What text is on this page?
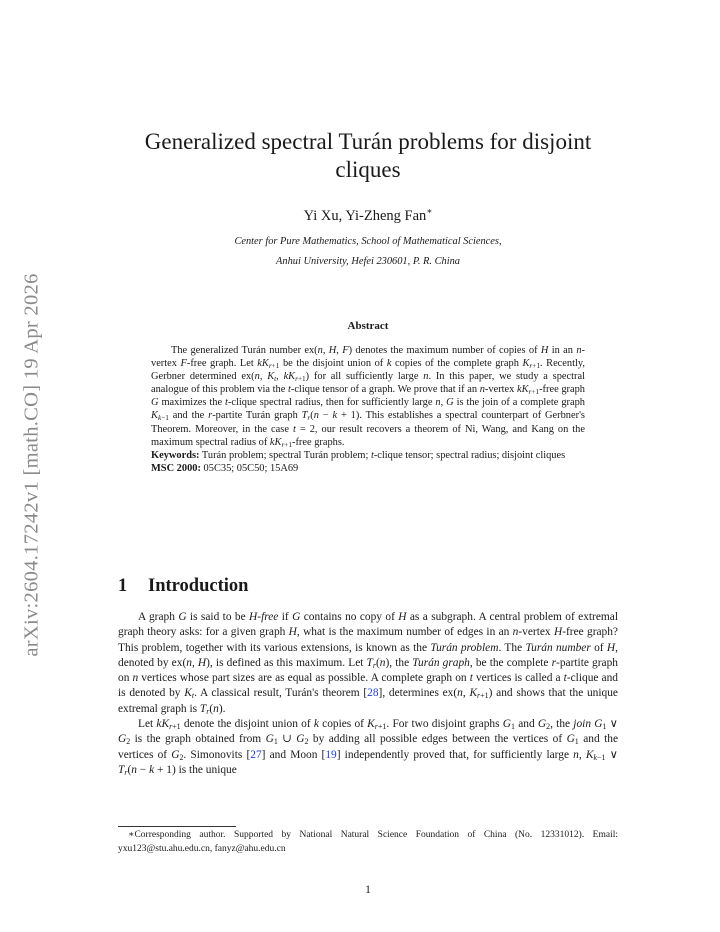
arXiv:2604.17242v1 [math.CO] 19 Apr 2026
Generalized spectral Turán problems for disjoint cliques
Yi Xu, Yi-Zheng Fan∗
Center for Pure Mathematics, School of Mathematical Sciences,
Anhui University, Hefei 230601, P. R. China
Abstract

The generalized Turán number ex(n, H, F) denotes the maximum number of copies of H in an n-vertex F-free graph. Let $kK_{r+1}$ be the disjoint union of k copies of the complete graph $K_{r+1}$. Recently, Gerbner determined ex(n, $K_t$, $kK_{r+1}$) for all sufficiently large n. In this paper, we study a spectral analogue of this problem via the t-clique tensor of a graph. We prove that if an n-vertex $kK_{r+1}$-free graph G maximizes the t-clique spectral radius, then for sufficiently large n, G is the join of a complete graph $K_{k-1}$ and the r-partite Turán graph $T_r(n - k + 1)$. This establishes a spectral counterpart of Gerbner's Theorem. Moreover, in the case t = 2, our result recovers a theorem of Ni, Wang, and Kang on the maximum spectral radius of $kK_{r+1}$-free graphs.

Keywords: Turán problem; spectral Turán problem; t-clique tensor; spectral radius; disjoint cliques

MSC 2000: 05C35; 05C50; 15A69

1 Introduction

A graph G is said to be H-free if G contains no copy of H as a subgraph. A central problem of extremal graph theory asks: for a given graph H, what is the maximum number of edges in an n-vertex H-free graph? This problem, together with its various extensions, is known as the Turán problem. The Turán number of H, denoted by ex(n, H), is defined as this maximum. Let $T_r(n)$, the Turán graph, be the complete r-partite graph on n vertices whose part sizes are as equal as possible. A complete graph on t vertices is called a t-clique and is denoted by $K_t$. A classical result, Turán's theorem [28], determines ex(n, $K_{r+1}$) and shows that the unique extremal graph is $T_r(n)$.

Let $kK_{r+1}$ denote the disjoint union of k copies of $K_{r+1}$. For two disjoint graphs $G_1$ and $G_2$, the join $G_1$ ∨ $G_2$ is the graph obtained from $G_1$ ∪ $G_2$ by adding all possible edges between the vertices of $G_1$ and the vertices of $G_2$. Simonovits [27] and Moon [19] independently proved that, for sufficiently large n, $K_{k-1}$ ∨ $T_r(n - k + 1)$ is the unique

∗Corresponding author. Supported by National Natural Science Foundation of China (No. 12331012). Email: yxu123@stu.ahu.edu.cn, fanyz@ahu.edu.cn

1
